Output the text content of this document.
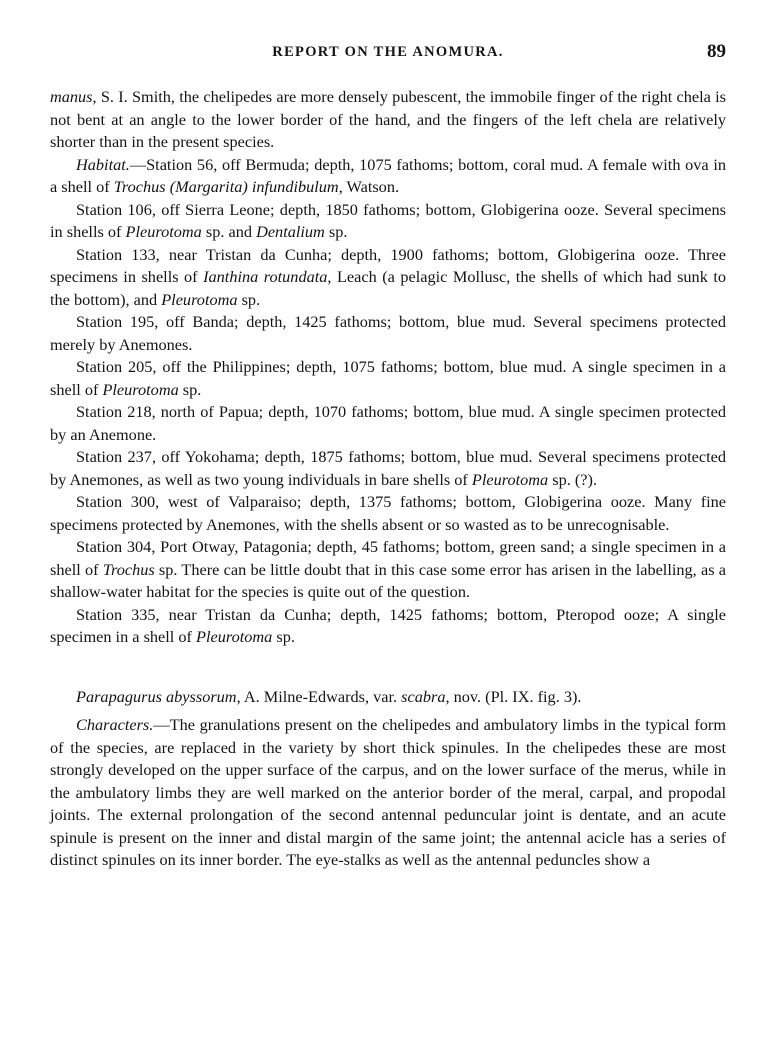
REPORT ON THE ANOMURA.	89

manus, S. I. Smith, the chelipedes are more densely pubescent, the immobile finger of the right chela is not bent at an angle to the lower border of the hand, and the fingers of the left chela are relatively shorter than in the present species.

Habitat.—Station 56, off Bermuda; depth, 1075 fathoms; bottom, coral mud. A female with ova in a shell of Trochus (Margarita) infundibulum, Watson.

Station 106, off Sierra Leone; depth, 1850 fathoms; bottom, Globigerina ooze. Several specimens in shells of Pleurotoma sp. and Dentalium sp.

Station 133, near Tristan da Cunha; depth, 1900 fathoms; bottom, Globigerina ooze. Three specimens in shells of Ianthina rotundata, Leach (a pelagic Mollusc, the shells of which had sunk to the bottom), and Pleurotoma sp.

Station 195, off Banda; depth, 1425 fathoms; bottom, blue mud. Several specimens protected merely by Anemones.

Station 205, off the Philippines; depth, 1075 fathoms; bottom, blue mud. A single specimen in a shell of Pleurotoma sp.

Station 218, north of Papua; depth, 1070 fathoms; bottom, blue mud. A single specimen protected by an Anemone.

Station 237, off Yokohama; depth, 1875 fathoms; bottom, blue mud. Several specimens protected by Anemones, as well as two young individuals in bare shells of Pleurotoma sp. (?).

Station 300, west of Valparaiso; depth, 1375 fathoms; bottom, Globigerina ooze. Many fine specimens protected by Anemones, with the shells absent or so wasted as to be unrecognisable.

Station 304, Port Otway, Patagonia; depth, 45 fathoms; bottom, green sand; a single specimen in a shell of Trochus sp. There can be little doubt that in this case some error has arisen in the labelling, as a shallow-water habitat for the species is quite out of the question.

Station 335, near Tristan da Cunha; depth, 1425 fathoms; bottom, Pteropod ooze; A single specimen in a shell of Pleurotoma sp.

Parapagurus abyssorum, A. Milne-Edwards, var. scabra, nov. (Pl. IX. fig. 3).

Characters.—The granulations present on the chelipedes and ambulatory limbs in the typical form of the species, are replaced in the variety by short thick spinules. In the chelipedes these are most strongly developed on the upper surface of the carpus, and on the lower surface of the merus, while in the ambulatory limbs they are well marked on the anterior border of the meral, carpal, and propodal joints. The external prolongation of the second antennal peduncular joint is dentate, and an acute spinule is present on the inner and distal margin of the same joint; the antennal acicle has a series of distinct spinules on its inner border. The eye-stalks as well as the antennal peduncles show a
